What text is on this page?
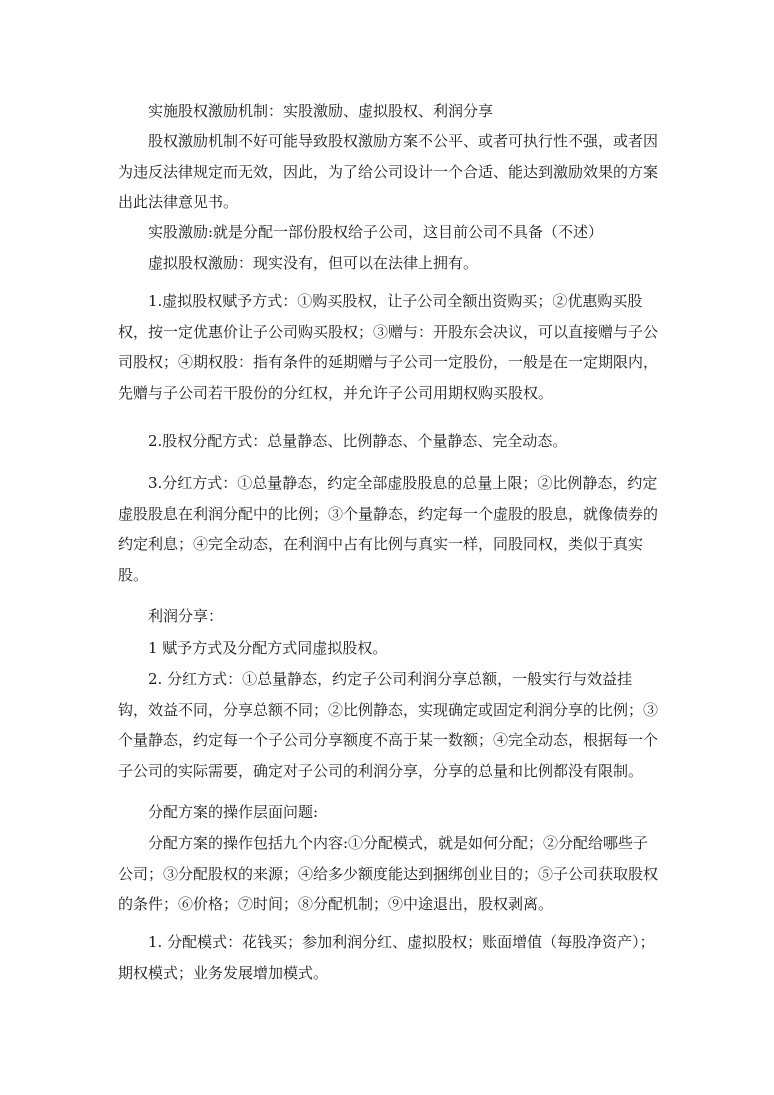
实施股权激励机制：实股激励、虚拟股权、利润分享

股权激励机制不好可能导致股权激励方案不公平、或者可执行性不强，或者因为违反法律规定而无效，因此，为了给公司设计一个合适、能达到激励效果的方案出此法律意见书。

实股激励:就是分配一部份股权给子公司，这目前公司不具备（不述）

虚拟股权激励：现实没有，但可以在法律上拥有。

1.虚拟股权赋予方式：①购买股权，让子公司全额出资购买；②优惠购买股权，按一定优惠价让子公司购买股权；③赠与：开股东会决议，可以直接赠与子公司股权；④期权股：指有条件的延期赠与子公司一定股份，一般是在一定期限内，先赠与子公司若干股份的分红权，并允许子公司用期权购买股权。

2.股权分配方式：总量静态、比例静态、个量静态、完全动态。

3.分红方式：①总量静态，约定全部虚股股息的总量上限；②比例静态，约定虚股股息在利润分配中的比例；③个量静态，约定每一个虚股的股息，就像债券的约定利息；④完全动态，在利润中占有比例与真实一样，同股同权，类似于真实股。

利润分享：

1 赋予方式及分配方式同虚拟股权。

2. 分红方式：①总量静态，约定子公司利润分享总额，一般实行与效益挂钩，效益不同，分享总额不同；②比例静态，实现确定或固定利润分享的比例；③个量静态，约定每一个子公司分享额度不高于某一数额；④完全动态，根据每一个子公司的实际需要，确定对子公司的利润分享，分享的总量和比例都没有限制。

分配方案的操作层面问题:

分配方案的操作包括九个内容:①分配模式，就是如何分配；②分配给哪些子公司；③分配股权的来源；④给多少额度能达到捆绑创业目的；⑤子公司获取股权的条件；⑥价格；⑦时间；⑧分配机制；⑨中途退出，股权剥离。

1. 分配模式：花钱买；参加利润分红、虚拟股权；账面增值（每股净资产）；期权模式；业务发展增加模式。
